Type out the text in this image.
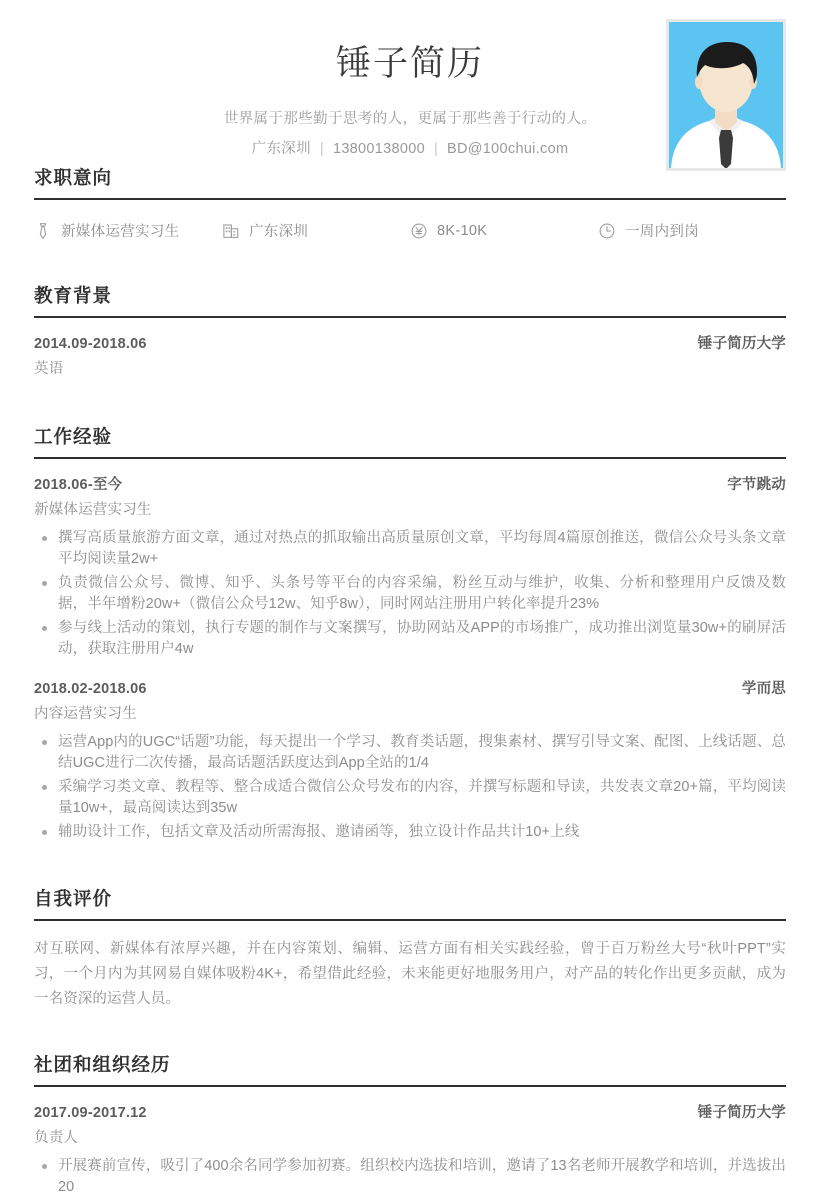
锤子简历
世界属于那些勤于思考的人，更属于那些善于行动的人。
广东深圳 | 13800138000 | BD@100chui.com
求职意向
新媒体运营实习生	广东深圳	8K-10K	一周内到岗
教育背景
2014.09-2018.06	锤子简历大学
英语
工作经验
2018.06-至今	字节跳动
新媒体运营实习生
撰写高质量旅游方面文章，通过对热点的抓取输出高质量原创文章，平均每周4篇原创推送，微信公众号头条文章平均阅读量2w+
负责微信公众号、微博、知乎、头条号等平台的内容采编，粉丝互动与维护，收集、分析和整理用户反馈及数据，半年增粉20w+（微信公众号12w、知乎8w），同时网站注册用户转化率提升23%
参与线上活动的策划，执行专题的制作与文案撰写，协助网站及APP的市场推广，成功推出浏览量30w+的刷屏活动，获取注册用户4w
2018.02-2018.06	学而思
内容运营实习生
运营App内的UGC“话题”功能，每天提出一个学习、教育类话题，搜集素材、撰写引导文案、配图、上线话题、总结UGC进行二次传播，最高话题活跃度达到App全站的1/4
采编学习类文章、教程等、整合成适合微信公众号发布的内容，并撰写标题和导读，共发表文章20+篇，平均阅读量10w+，最高阅读达到35w
辅助设计工作，包括文章及活动所需海报、邀请函等，独立设计作品共计10+上线
自我评价
对互联网、新媒体有浓厚兴趣，并在内容策划、编辑、运营方面有相关实践经验，曾于百万粉丝大号“秋叶PPT”实习，一个月内为其网易自媒体吸粉4K+，希望借此经验，未来能更好地服务用户，对产品的转化作出更多贡献，成为一名资深的运营人员。
社团和组织经历
2017.09-2017.12	锤子简历大学
负责人
开展赛前宣传，吸引了400余名同学参加初赛。组织校内选拔和培训，邀请了13名老师开展教学和培训，并选拔出20
